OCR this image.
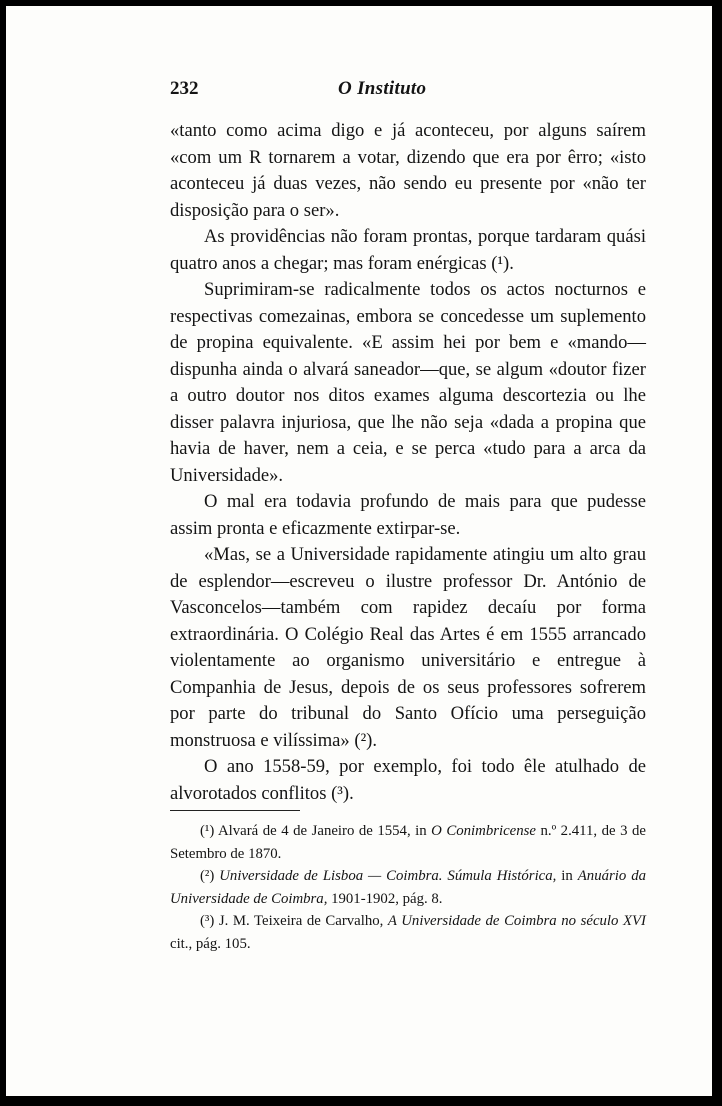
232	O Instituto

«tanto como acima digo e já aconteceu, por alguns saírem «com um R tornarem a votar, dizendo que era por êrro; «isto aconteceu já duas vezes, não sendo eu presente por «não ter disposição para o ser».

As providências não foram prontas, porque tardaram quási quatro anos a chegar; mas foram enérgicas (¹).

Suprimiram-se radicalmente todos os actos nocturnos e respectivas comezainas, embora se concedesse um suplemento de propina equivalente. «E assim hei por bem e «mando—dispunha ainda o alvará saneador—que, se algum «doutor fizer a outro doutor nos ditos exames alguma descortezia ou lhe disser palavra injuriosa, que lhe não seja «dada a propina que havia de haver, nem a ceia, e se perca «tudo para a arca da Universidade».

O mal era todavia profundo de mais para que pudesse assim pronta e eficazmente extirpar-se.

«Mas, se a Universidade rapidamente atingiu um alto grau de esplendor—escreveu o ilustre professor Dr. António de Vasconcelos—também com rapidez decaíu por forma extraordinária. O Colégio Real das Artes é em 1555 arrancado violentamente ao organismo universitário e entregue à Companhia de Jesus, depois de os seus professores sofrerem por parte do tribunal do Santo Ofício uma perseguição monstruosa e vilíssima» (²).

O ano 1558-59, por exemplo, foi todo êle atulhado de alvorotados conflitos (³).

(¹) Alvará de 4 de Janeiro de 1554, in O Conimbricense n.º 2.411, de 3 de Setembro de 1870.

(²) Universidade de Lisboa — Coimbra. Súmula Histórica, in Anuário da Universidade de Coimbra, 1901-1902, pág. 8.

(³) J. M. Teixeira de Carvalho, A Universidade de Coimbra no século XVI cit., pág. 105.
